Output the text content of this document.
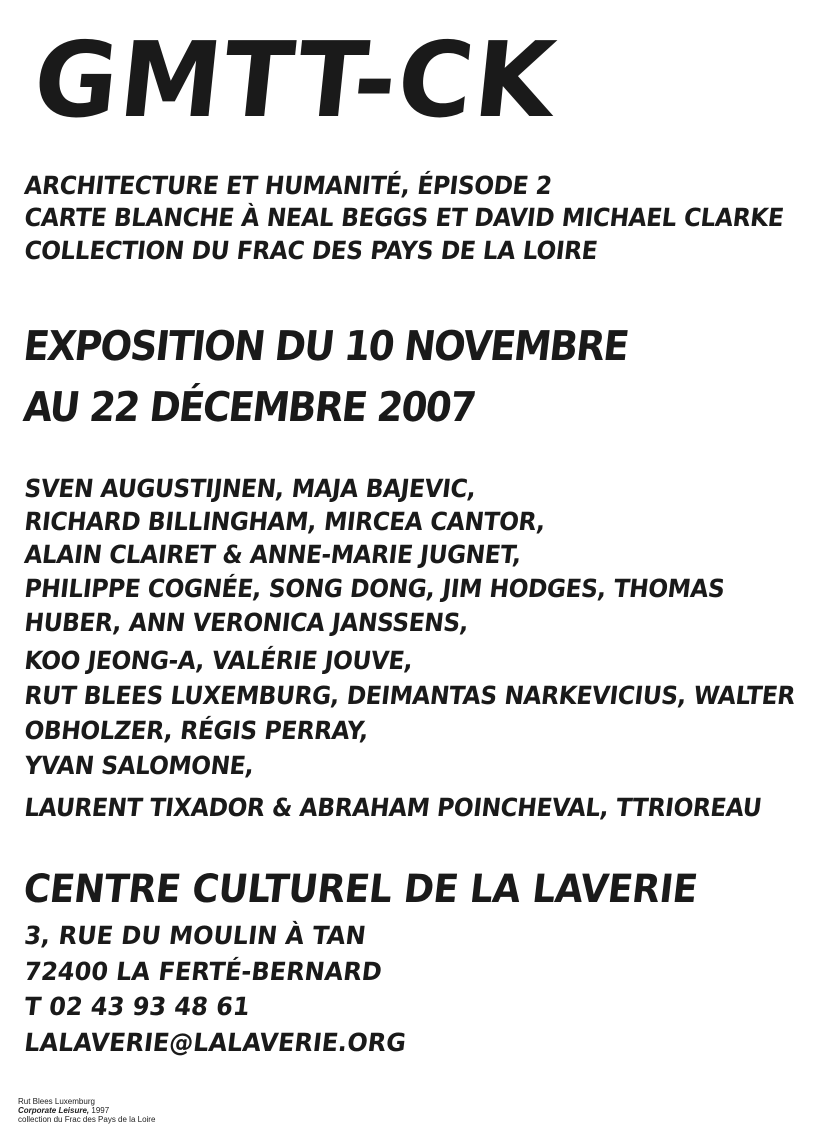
GMTT-CK
ARCHITECTURE ET HUMANITÉ, ÉPISODE 2
CARTE BLANCHE À NEAL BEGGS ET DAVID MICHAEL CLARKE
COLLECTION DU FRAC DES PAYS DE LA LOIRE
EXPOSITION DU 10 NOVEMBRE
AU 22 DÉCEMBRE 2007
SVEN AUGUSTIJNEN, MAJA BAJEVIC,
RICHARD BILLINGHAM, MIRCEA CANTOR,
ALAIN CLAIRET & ANNE-MARIE JUGNET,
PHILIPPE COGNÉE, SONG DONG, JIM HODGES, THOMAS
HUBER, ANN VERONICA JANSSENS,
KOO JEONG-A, VALÉRIE JOUVE,
RUT BLEES LUXEMBURG, DEIMANTAS NARKEVICIUS, WALTER
OBHOLZER, RÉGIS PERRAY,
YVAN SALOMONE,
LAURENT TIXADOR & ABRAHAM POINCHEVAL, TTRIOREAU
CENTRE CULTUREL DE LA LAVERIE
3, RUE DU MOULIN À TAN
72400 LA FERTÉ-BERNARD
T 02 43 93 48 61
LALAVERIE@LALAVERIE.ORG
Rut Blees Luxemburg
Corporate Leisure, 1997
collection du Frac des Pays de la Loire
